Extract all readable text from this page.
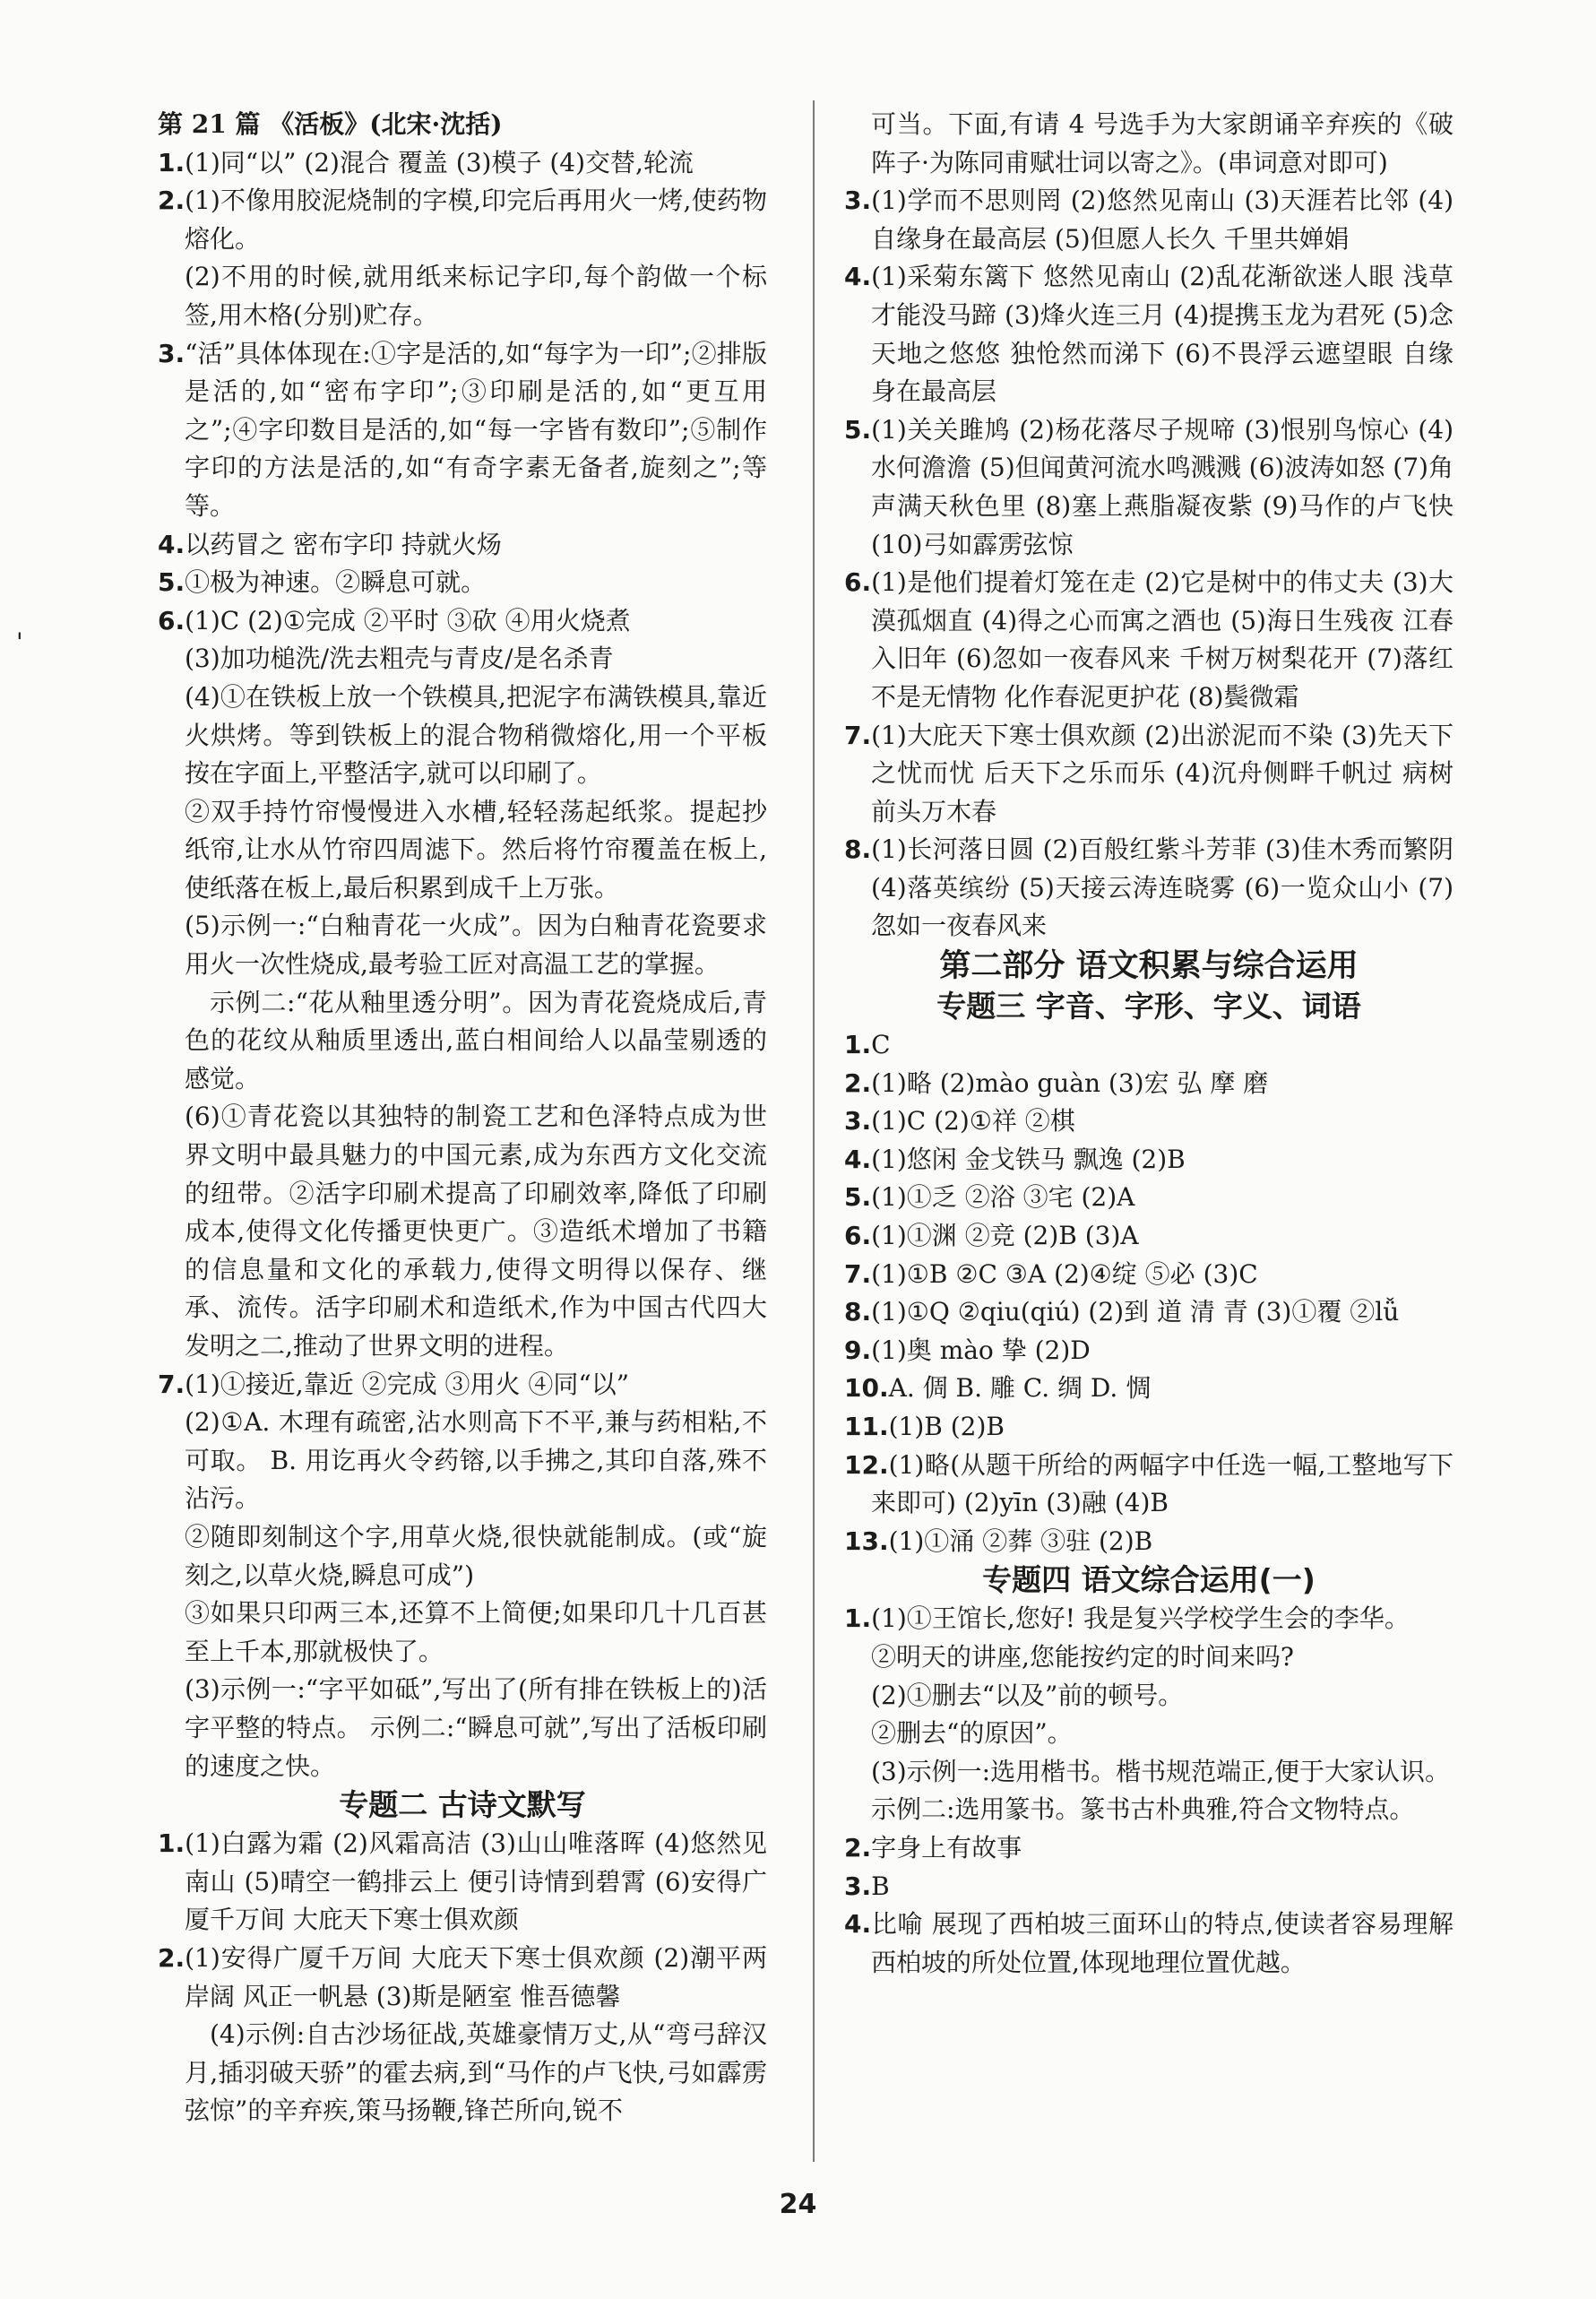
第 21 篇 《活板》(北宋·沈括)

1.(1)同“以” (2)混合 覆盖 (3)模子 (4)交替,轮流

2.(1)不像用胶泥烧制的字模,印完后再用火一烤,使药物熔化。

(2)不用的时候,就用纸来标记字印,每个韵做一个标签,用木格(分别)贮存。

3.“活”具体体现在:①字是活的,如“每字为一印”;②排版是活的,如“密布字印”;③印刷是活的,如“更互用之”;④字印数目是活的,如“每一字皆有数印”;⑤制作字印的方法是活的,如“有奇字素无备者,旋刻之”;等等。

4.以药冒之 密布字印 持就火炀

5.①极为神速。②瞬息可就。

6.(1)C (2)①完成 ②平时 ③砍 ④用火烧煮

(3)加功槌洗/洗去粗壳与青皮/是名杀青

(4)①在铁板上放一个铁模具,把泥字布满铁模具,靠近火烘烤。等到铁板上的混合物稍微熔化,用一个平板按在字面上,平整活字,就可以印刷了。

②双手持竹帘慢慢进入水槽,轻轻荡起纸浆。提起抄纸帘,让水从竹帘四周滤下。然后将竹帘覆盖在板上,使纸落在板上,最后积累到成千上万张。

(5)示例一:“白釉青花一火成”。因为白釉青花瓷要求用火一次性烧成,最考验工匠对高温工艺的掌握。

示例二:“花从釉里透分明”。因为青花瓷烧成后,青色的花纹从釉质里透出,蓝白相间给人以晶莹剔透的感觉。

(6)①青花瓷以其独特的制瓷工艺和色泽特点成为世界文明中最具魅力的中国元素,成为东西方文化交流的纽带。②活字印刷术提高了印刷效率,降低了印刷成本,使得文化传播更快更广。③造纸术增加了书籍的信息量和文化的承载力,使得文明得以保存、继承、流传。活字印刷术和造纸术,作为中国古代四大发明之二,推动了世界文明的进程。

7.(1)①接近,靠近 ②完成 ③用火 ④同“以”

(2)①A. 木理有疏密,沾水则高下不平,兼与药相粘,不可取。 B. 用讫再火令药镕,以手拂之,其印自落,殊不沾污。

②随即刻制这个字,用草火烧,很快就能制成。(或“旋刻之,以草火烧,瞬息可成”)

③如果只印两三本,还算不上简便;如果印几十几百甚至上千本,那就极快了。

(3)示例一:“字平如砥”,写出了(所有排在铁板上的)活字平整的特点。 示例二:“瞬息可就”,写出了活板印刷的速度之快。

专题二 古诗文默写

1.(1)白露为霜 (2)风霜高洁 (3)山山唯落晖 (4)悠然见南山 (5)晴空一鹤排云上 便引诗情到碧霄 (6)安得广厦千万间 大庇天下寒士俱欢颜

2.(1)安得广厦千万间 大庇天下寒士俱欢颜 (2)潮平两岸阔 风正一帆悬 (3)斯是陋室 惟吾德馨

(4)示例:自古沙场征战,英雄豪情万丈,从“弯弓辞汉月,插羽破天骄”的霍去病,到“马作的卢飞快,弓如霹雳弦惊”的辛弃疾,策马扬鞭,锋芒所向,锐不

可当。下面,有请 4 号选手为大家朗诵辛弃疾的《破阵子·为陈同甫赋壮词以寄之》。(串词意对即可)

3.(1)学而不思则罔 (2)悠然见南山 (3)天涯若比邻 (4)自缘身在最高层 (5)但愿人长久 千里共婵娟

4.(1)采菊东篱下 悠然见南山 (2)乱花渐欲迷人眼 浅草才能没马蹄 (3)烽火连三月 (4)提携玉龙为君死 (5)念天地之悠悠 独怆然而涕下 (6)不畏浮云遮望眼 自缘身在最高层

5.(1)关关雎鸠 (2)杨花落尽子规啼 (3)恨别鸟惊心 (4)水何澹澹 (5)但闻黄河流水鸣溅溅 (6)波涛如怒 (7)角声满天秋色里 (8)塞上燕脂凝夜紫 (9)马作的卢飞快 (10)弓如霹雳弦惊

6.(1)是他们提着灯笼在走 (2)它是树中的伟丈夫 (3)大漠孤烟直 (4)得之心而寓之酒也 (5)海日生残夜 江春入旧年 (6)忽如一夜春风来 千树万树梨花开 (7)落红不是无情物 化作春泥更护花 (8)鬓微霜

7.(1)大庇天下寒士俱欢颜 (2)出淤泥而不染 (3)先天下之忧而忧 后天下之乐而乐 (4)沉舟侧畔千帆过 病树前头万木春

8.(1)长河落日圆 (2)百般红紫斗芳菲 (3)佳木秀而繁阴 (4)落英缤纷 (5)天接云涛连晓雾 (6)一览众山小 (7)忽如一夜春风来

第二部分 语文积累与综合运用

专题三 字音、字形、字义、词语

1.C

2.(1)略 (2)mào guàn (3)宏 弘 摩 磨

3.(1)C (2)①祥 ②棋

4.(1)悠闲 金戈铁马 飘逸 (2)B

5.(1)①乏 ②浴 ③宅 (2)A

6.(1)①渊 ②竞 (2)B (3)A

7.(1)①B ②C ③A (2)④绽 ⑤必 (3)C

8.(1)①Q ②qiu(qiú) (2)到 道 清 青 (3)①覆 ②lǚ

9.(1)奥 mào 挚 (2)D

10.A. 倜 B. 雕 C. 绸 D. 惆

11.(1)B (2)B

12.(1)略(从题干所给的两幅字中任选一幅,工整地写下来即可) (2)yīn (3)融 (4)B

13.(1)①涌 ②葬 ③驻 (2)B

专题四 语文综合运用(一)

1.(1)①王馆长,您好! 我是复兴学校学生会的李华。

②明天的讲座,您能按约定的时间来吗?

(2)①删去“以及”前的顿号。

②删去“的原因”。

(3)示例一:选用楷书。楷书规范端正,便于大家认识。

示例二:选用篆书。篆书古朴典雅,符合文物特点。

2.字身上有故事

3.B

4.比喻 展现了西柏坡三面环山的特点,使读者容易理解西柏坡的所处位置,体现地理位置优越。

'
24
